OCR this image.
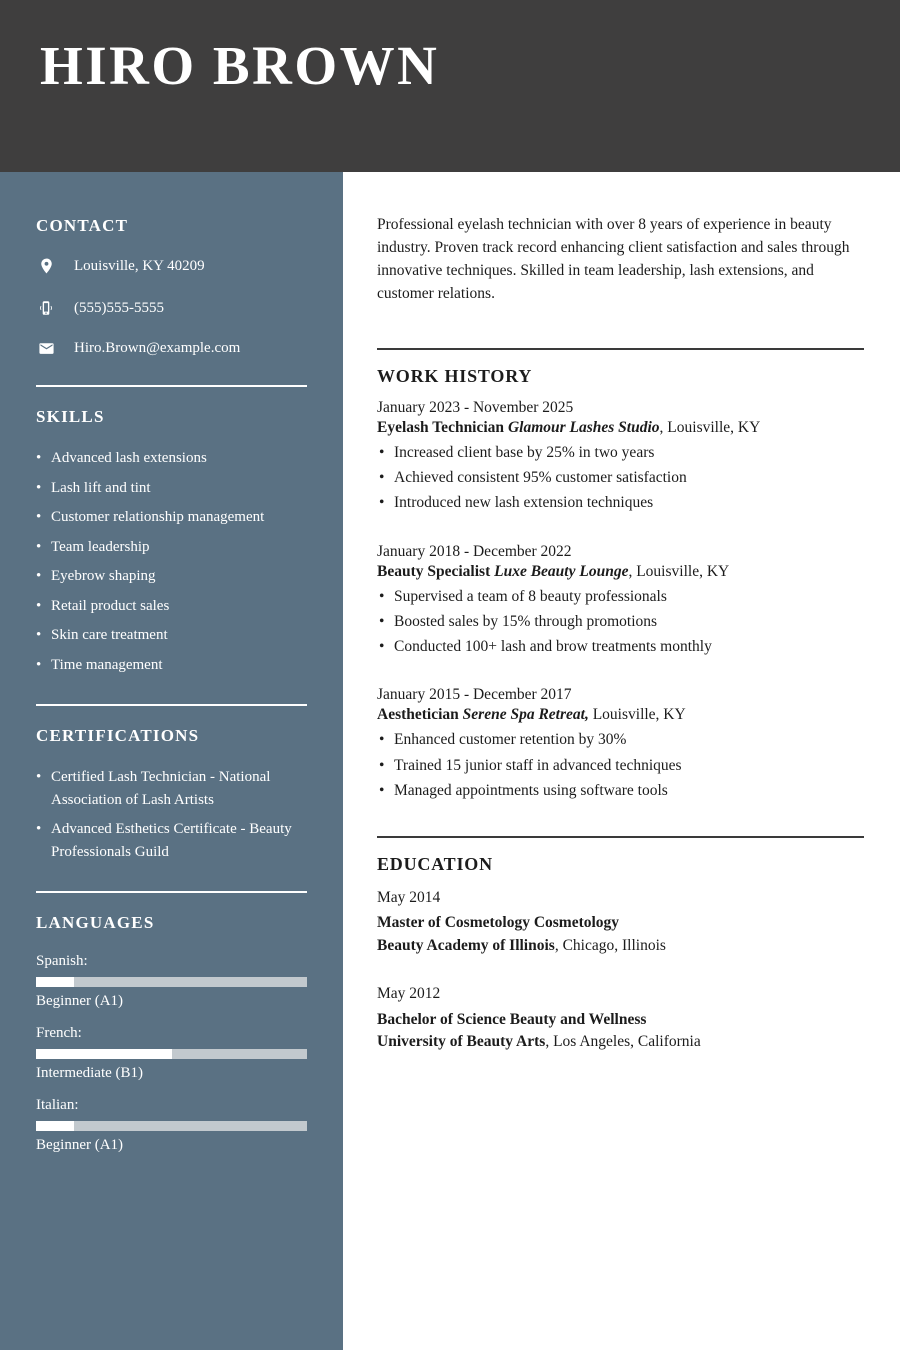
HIRO BROWN
CONTACT
Louisville, KY 40209
(555)555-5555
Hiro.Brown@example.com
SKILLS
• Advanced lash extensions
• Lash lift and tint
• Customer relationship management
• Team leadership
• Eyebrow shaping
• Retail product sales
• Skin care treatment
• Time management
CERTIFICATIONS
• Certified Lash Technician - National Association of Lash Artists
• Advanced Esthetics Certificate - Beauty Professionals Guild
LANGUAGES
Spanish:
Beginner (A1)
French:
Intermediate (B1)
Italian:
Beginner (A1)

Professional eyelash technician with over 8 years of experience in beauty industry. Proven track record enhancing client satisfaction and sales through innovative techniques. Skilled in team leadership, lash extensions, and customer relations.

WORK HISTORY
January 2023 - November 2025
Eyelash Technician Glamour Lashes Studio, Louisville, KY
• Increased client base by 25% in two years
• Achieved consistent 95% customer satisfaction
• Introduced new lash extension techniques
January 2018 - December 2022
Beauty Specialist Luxe Beauty Lounge, Louisville, KY
• Supervised a team of 8 beauty professionals
• Boosted sales by 15% through promotions
• Conducted 100+ lash and brow treatments monthly
January 2015 - December 2017
Aesthetician Serene Spa Retreat, Louisville, KY
• Enhanced customer retention by 30%
• Trained 15 junior staff in advanced techniques
• Managed appointments using software tools
EDUCATION
May 2014
Master of Cosmetology Cosmetology
Beauty Academy of Illinois, Chicago, Illinois
May 2012
Bachelor of Science Beauty and Wellness
University of Beauty Arts, Los Angeles, California
